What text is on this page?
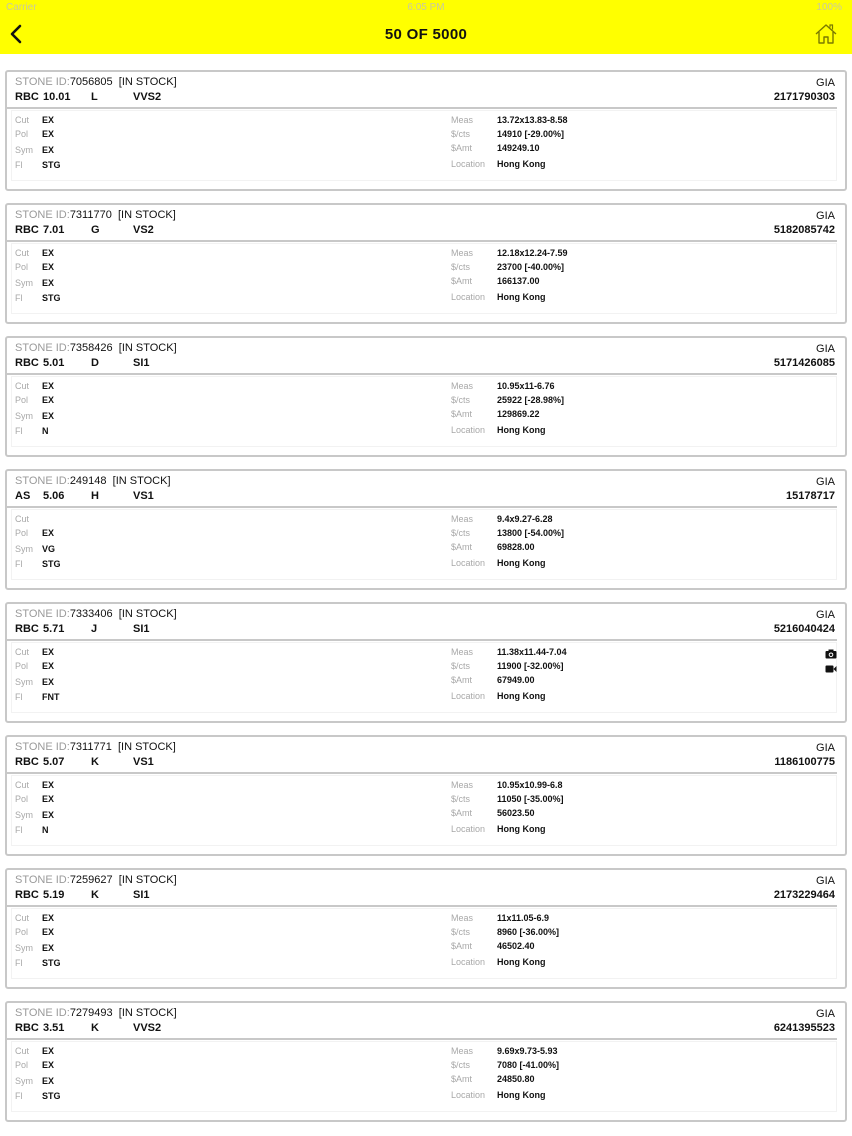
Carrier	6:05 PM	100%
50 OF 5000
STONE ID:7056805 [IN STOCK]	GIA
RBC 10.01 L	VVS2	2171790303
Cut EX
Pol EX
Sym EX
Fl STG
Meas	13.72x13.83-8.58
$/cts	14910 [-29.00%]
$Amt	149249.10
Location Hong Kong
STONE ID:7311770 [IN STOCK]	GIA
RBC 7.01 G	VS2	5182085742
Cut EX
Pol EX
Sym EX
Fl STG
Meas	12.18x12.24-7.59
$/cts	23700 [-40.00%]
$Amt	166137.00
Location Hong Kong
STONE ID:7358426 [IN STOCK]	GIA
RBC 5.01 D	SI1	5171426085
Cut EX
Pol EX
Sym EX
Fl N
Meas	10.95x11-6.76
$/cts	25922 [-28.98%]
$Amt	129869.22
Location Hong Kong
STONE ID:249148 [IN STOCK]	GIA
AS 5.06 H	VS1	15178717
Cut
Pol EX
Sym VG
Fl STG
Meas	9.4x9.27-6.28
$/cts	13800 [-54.00%]
$Amt	69828.00
Location Hong Kong
STONE ID:7333406 [IN STOCK]	GIA
RBC 5.71 J	SI1	5216040424
Cut EX
Pol EX
Sym EX
Fl FNT
Meas	11.38x11.44-7.04
$/cts	11900 [-32.00%]
$Amt	67949.00
Location Hong Kong
STONE ID:7311771 [IN STOCK]	GIA
RBC 5.07 K	VS1	1186100775
Cut EX
Pol EX
Sym EX
Fl N
Meas	10.95x10.99-6.8
$/cts	11050 [-35.00%]
$Amt	56023.50
Location Hong Kong
STONE ID:7259627 [IN STOCK]	GIA
RBC 5.19 K	SI1	2173229464
Cut EX
Pol EX
Sym EX
Fl STG
Meas	11x11.05-6.9
$/cts	8960 [-36.00%]
$Amt	46502.40
Location Hong Kong
STONE ID:7279493 [IN STOCK]	GIA
RBC 3.51 K	VVS2	6241395523
Cut EX
Pol EX
Sym EX
Fl STG
Meas	9.69x9.73-5.93
$/cts	7080 [-41.00%]
$Amt	24850.80
Location Hong Kong
